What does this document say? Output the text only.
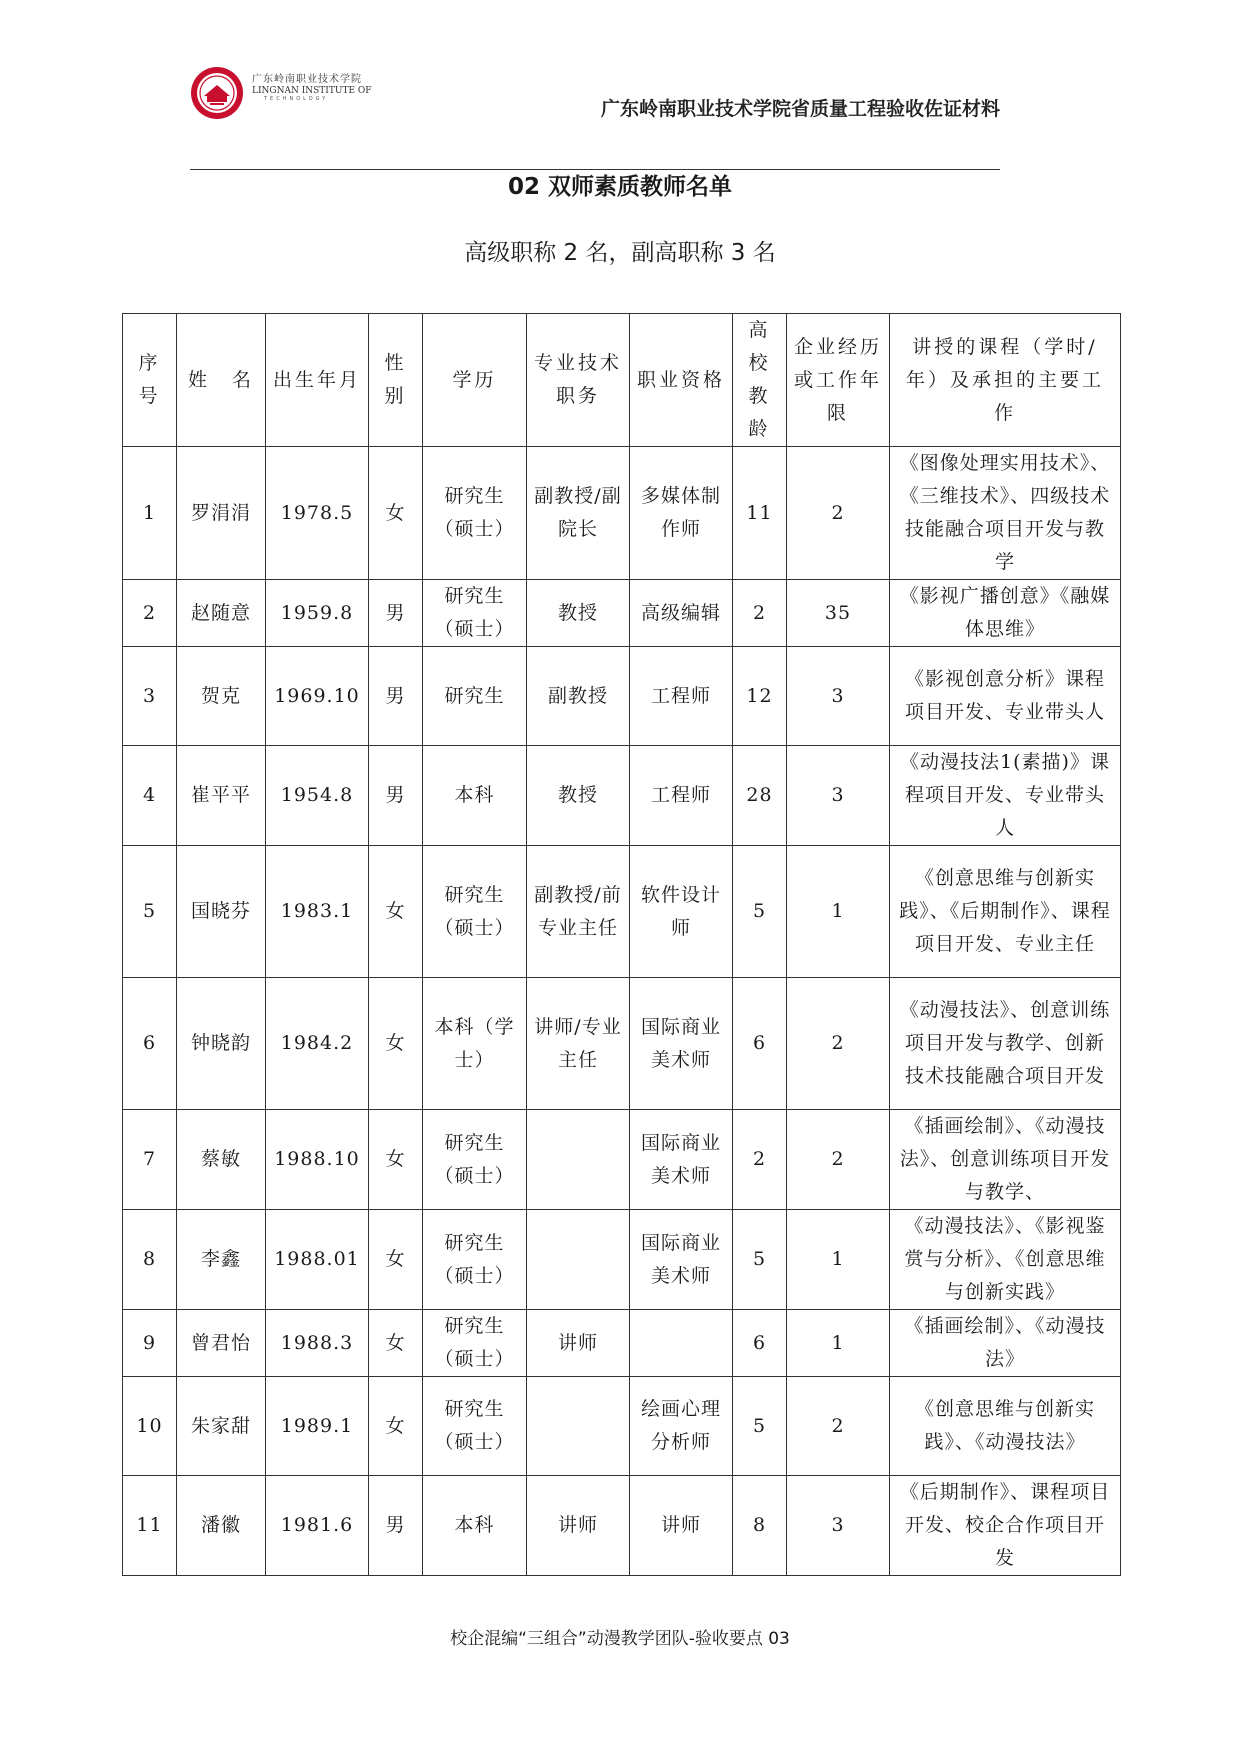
广东岭南职业技术学院
LINGNAN INSTITUTE OF
TECHNOLOGY	广东岭南职业技术学院省质量工程验收佐证材料
02 双师素质教师名单
高级职称 2 名，副高职称 3 名
序号	姓　名	出生年月	性别	学历	专业技术职务	职业资格	高校教龄	企业经历或工作年限	讲授的课程（学时/年）及承担的主要工作
1	罗涓涓	1978.5	女	研究生（硕士）	副教授/副院长	多媒体制作师	11	2	《图像处理实用技术》、《三维技术》、四级技术技能融合项目开发与教学
2	赵随意	1959.8	男	研究生（硕士）	教授	高级编辑	2	35	《影视广播创意》《融媒体思维》
3	贺克	1969.10	男	研究生	副教授	工程师	12	3	《影视创意分析》课程项目开发、专业带头人
4	崔平平	1954.8	男	本科	教授	工程师	28	3	《动漫技法1(素描)》课程项目开发、专业带头人
5	国晓芬	1983.1	女	研究生（硕士）	副教授/前专业主任	软件设计师	5	1	《创意思维与创新实践》、《后期制作》、课程项目开发、专业主任
6	钟晓韵	1984.2	女	本科（学士）	讲师/专业主任	国际商业美术师	6	2	《动漫技法》、创意训练项目开发与教学、创新技术技能融合项目开发
7	蔡敏	1988.10	女	研究生（硕士）		国际商业美术师	2	2	《插画绘制》、《动漫技法》、创意训练项目开发与教学、
8	李鑫	1988.01	女	研究生（硕士）		国际商业美术师	5	1	《动漫技法》、《影视鉴赏与分析》、《创意思维与创新实践》
9	曾君怡	1988.3	女	研究生（硕士）	讲师		6	1	《插画绘制》、《动漫技法》
10	朱家甜	1989.1	女	研究生（硕士）		绘画心理分析师	5	2	《创意思维与创新实践》、《动漫技法》
11	潘徽	1981.6	男	本科	讲师	讲师	8	3	《后期制作》、课程项目开发、校企合作项目开发
校企混编“三组合”动漫教学团队-验收要点 03
